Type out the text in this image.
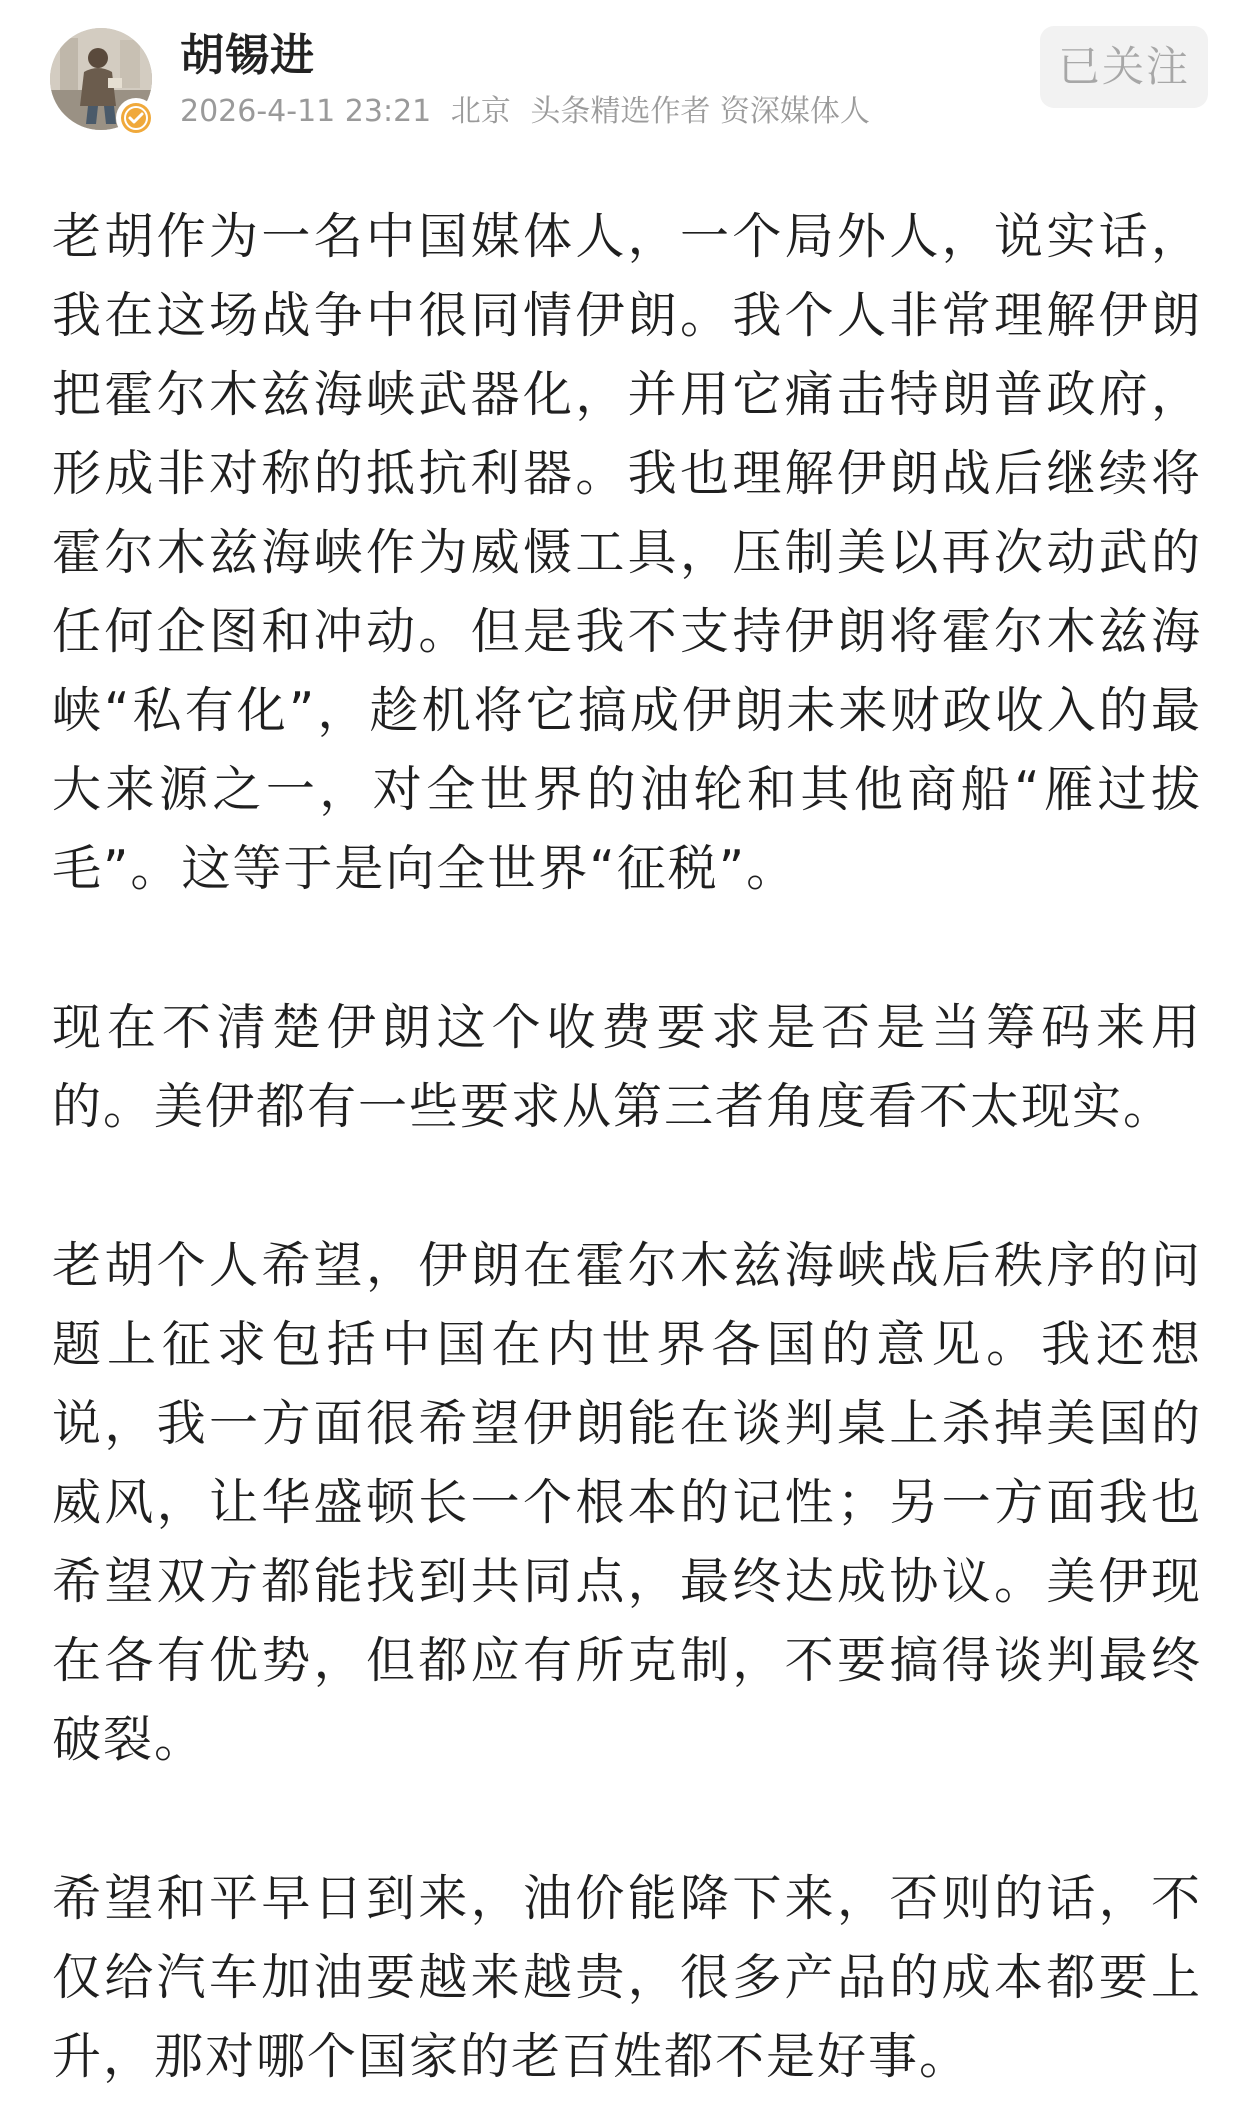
胡锡进
2026-4-11 23:21 北京 头条精选作者 资深媒体人
已关注

老胡作为一名中国媒体人，一个局外人，说实话，我在这场战争中很同情伊朗。我个人非常理解伊朗把霍尔木兹海峡武器化，并用它痛击特朗普政府，形成非对称的抵抗利器。我也理解伊朗战后继续将霍尔木兹海峡作为威慑工具，压制美以再次动武的任何企图和冲动。但是我不支持伊朗将霍尔木兹海峡“私有化”，趁机将它搞成伊朗未来财政收入的最大来源之一，对全世界的油轮和其他商船“雁过拔毛”。这等于是向全世界“征税”。

现在不清楚伊朗这个收费要求是否是当筹码来用的。美伊都有一些要求从第三者角度看不太现实。

老胡个人希望，伊朗在霍尔木兹海峡战后秩序的问题上征求包括中国在内世界各国的意见。我还想说，我一方面很希望伊朗能在谈判桌上杀掉美国的威风，让华盛顿长一个根本的记性；另一方面我也希望双方都能找到共同点，最终达成协议。美伊现在各有优势，但都应有所克制，不要搞得谈判最终破裂。

希望和平早日到来，油价能降下来，否则的话，不仅给汽车加油要越来越贵，很多产品的成本都要上升，那对哪个国家的老百姓都不是好事。
